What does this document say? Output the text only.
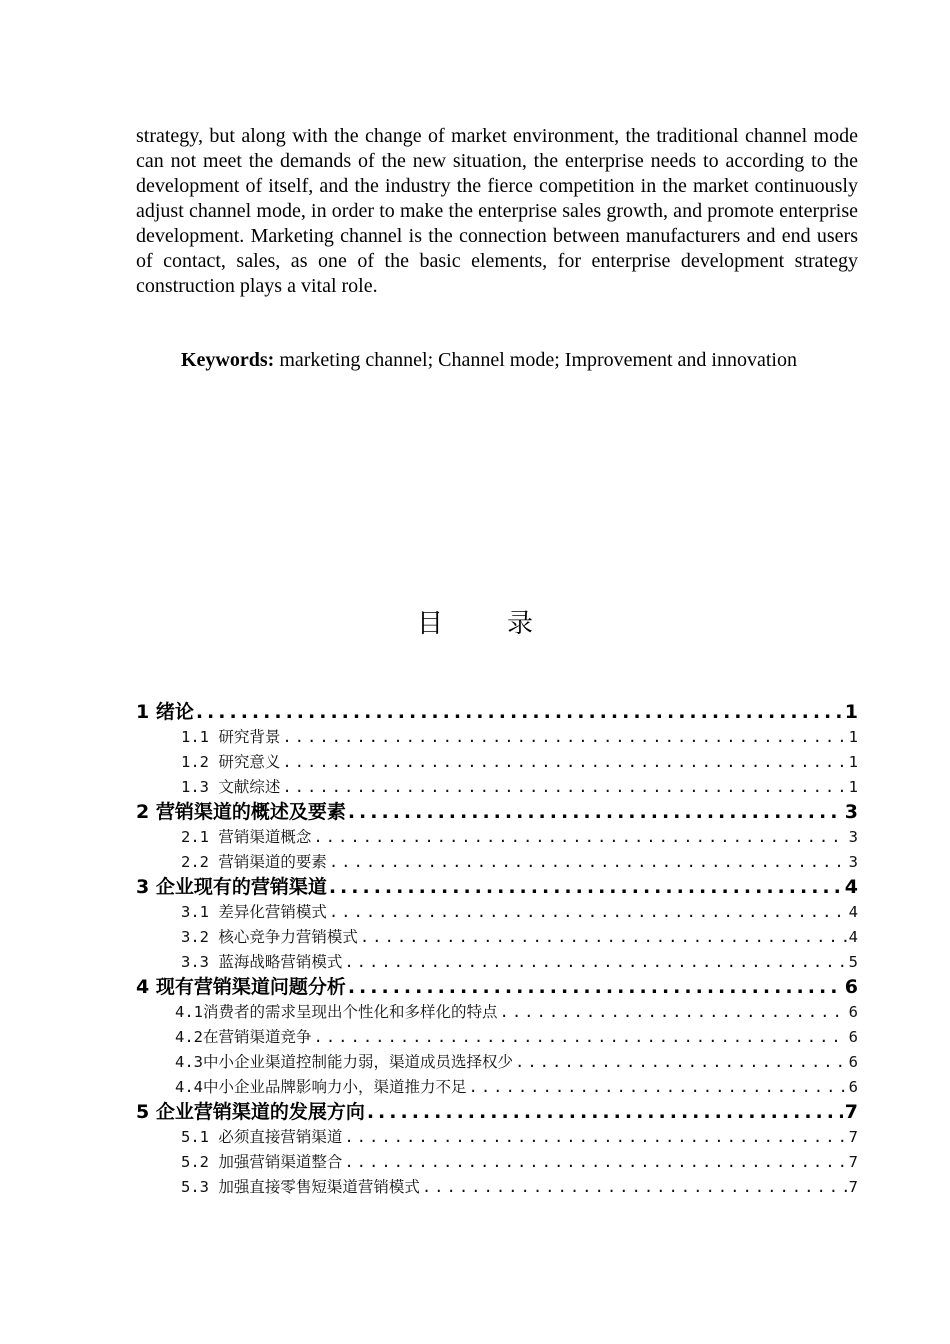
strategy, but along with the change of market environment, the traditional channel mode can not meet the demands of the new situation, the enterprise needs to according to the development of itself, and the industry the fierce competition in the market continuously adjust channel mode, in order to make the enterprise sales growth, and promote enterprise development. Marketing channel is the connection between manufacturers and end users of contact, sales, as one of the basic elements, for enterprise development strategy construction plays a vital role.

Keywords: marketing channel; Channel mode; Improvement and innovation

目录
1 绪论 .....	1
1.1 研究背景 .....	1
1.2 研究意义 .....	1
1.3 文献综述 .....	1
2 营销渠道的概述及要素 .....	3
2.1 营销渠道概念 .....	3
2.2 营销渠道的要素 .....	3
3 企业现有的营销渠道 .....	4
3.1 差异化营销模式 .....	4
3.2 核心竞争力营销模式 .....	4
3.3 蓝海战略营销模式 .....	5
4 现有营销渠道问题分析 .....	6
4.1消费者的需求呈现出个性化和多样化的特点 .....	6
4.2在营销渠道竞争 .....	6
4.3中小企业渠道控制能力弱，渠道成员选择权少 .....	6
4.4中小企业品牌影响力小，渠道推力不足 .....	6
5 企业营销渠道的发展方向 .....	7
5.1 必须直接营销渠道 .....	7
5.2 加强营销渠道整合 .....	7
5.3 加强直接零售短渠道营销模式 .....	7
